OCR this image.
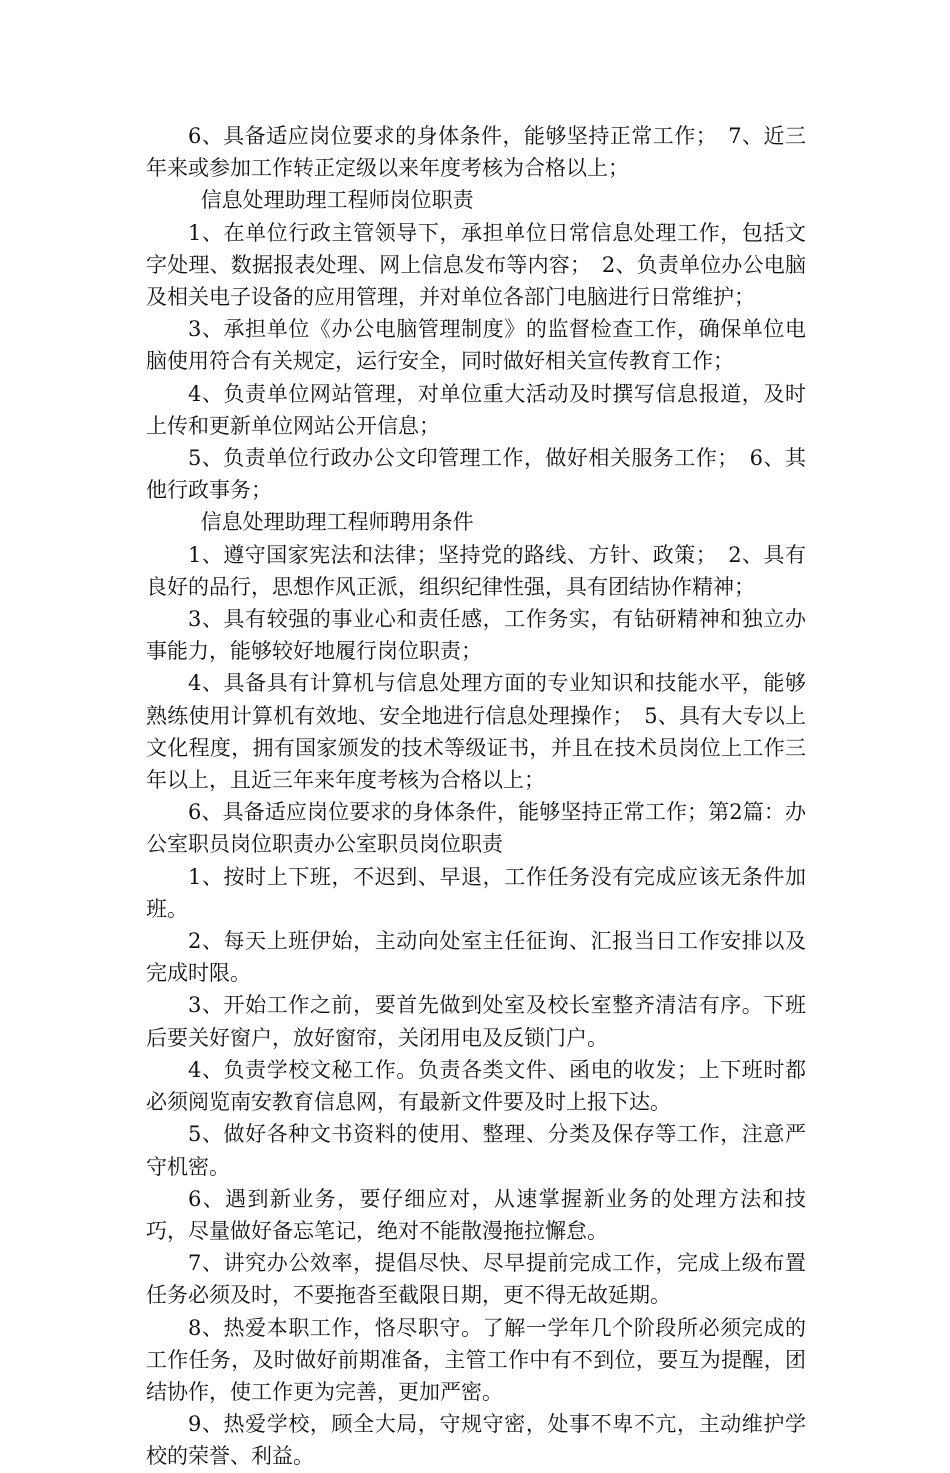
6、具备适应岗位要求的身体条件，能够坚持正常工作；　7、近三年来或参加工作转正定级以来年度考核为合格以上；

信息处理助理工程师岗位职责

1、在单位行政主管领导下，承担单位日常信息处理工作，包括文字处理、数据报表处理、网上信息发布等内容；　2、负责单位办公电脑及相关电子设备的应用管理，并对单位各部门电脑进行日常维护；

3、承担单位《办公电脑管理制度》的监督检查工作，确保单位电脑使用符合有关规定，运行安全，同时做好相关宣传教育工作；

4、负责单位网站管理，对单位重大活动及时撰写信息报道，及时上传和更新单位网站公开信息；

5、负责单位行政办公文印管理工作，做好相关服务工作；　6、其他行政事务；

信息处理助理工程师聘用条件

1、遵守国家宪法和法律；坚持党的路线、方针、政策；　2、具有良好的品行，思想作风正派，组织纪律性强，具有团结协作精神；

3、具有较强的事业心和责任感，工作务实，有钻研精神和独立办事能力，能够较好地履行岗位职责；

4、具备具有计算机与信息处理方面的专业知识和技能水平，能够熟练使用计算机有效地、安全地进行信息处理操作；　5、具有大专以上文化程度，拥有国家颁发的技术等级证书，并且在技术员岗位上工作三年以上，且近三年来年度考核为合格以上；

6、具备适应岗位要求的身体条件，能够坚持正常工作；第2篇：办公室职员岗位职责办公室职员岗位职责

1、按时上下班，不迟到、早退，工作任务没有完成应该无条件加班。

2、每天上班伊始，主动向处室主任征询、汇报当日工作安排以及完成时限。

3、开始工作之前，要首先做到处室及校长室整齐清洁有序。下班后要关好窗户，放好窗帘，关闭用电及反锁门户。

4、负责学校文秘工作。负责各类文件、函电的收发；上下班时都必须阅览南安教育信息网，有最新文件要及时上报下达。

5、做好各种文书资料的使用、整理、分类及保存等工作，注意严守机密。

6、遇到新业务，要仔细应对，从速掌握新业务的处理方法和技巧，尽量做好备忘笔记，绝对不能散漫拖拉懈怠。

7、讲究办公效率，提倡尽快、尽早提前完成工作，完成上级布置任务必须及时，不要拖沓至截限日期，更不得无故延期。

8、热爱本职工作，恪尽职守。了解一学年几个阶段所必须完成的工作任务，及时做好前期准备，主管工作中有不到位，要互为提醒，团结协作，使工作更为完善，更加严密。

9、热爱学校，顾全大局，守规守密，处事不卑不亢，主动维护学校的荣誉、利益。
